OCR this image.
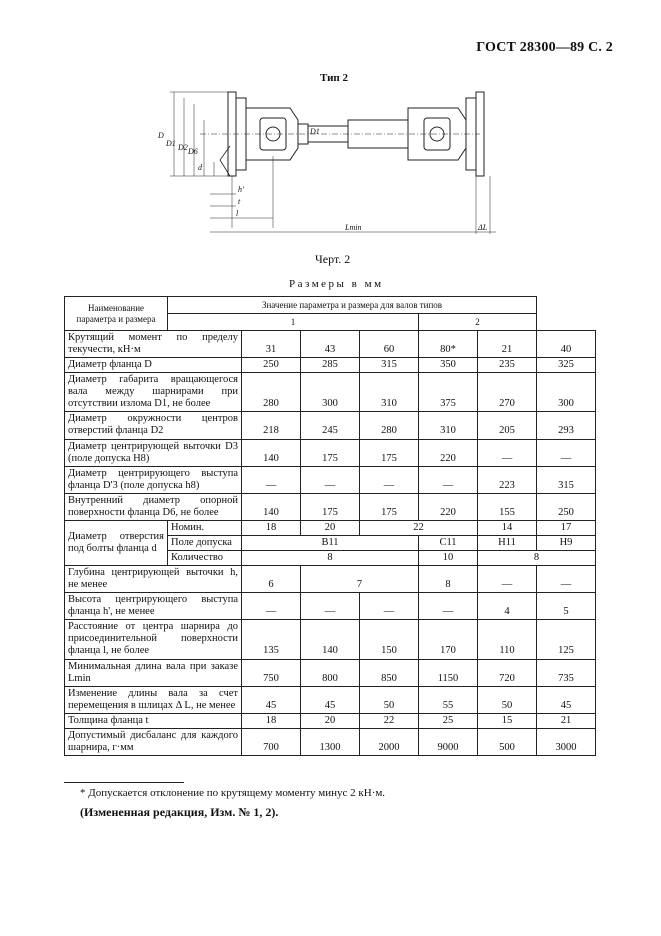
ГОСТ 28300—89 С. 2
Тип 2
D
D1 D2 D6
D1
d
h'
t
l
Lmin	ΔL
Черт. 2
Размеры в мм
Наименование параметра и размера	Значение параметра и размера для валов типов						
	1				2		
Крутящий момент по пределу текучести, кН·м		31	43	60	80*	21	40
Диаметр фланца D		250	285	315	350	235	325
Диаметр габарита вращающегося вала между шарнирами при отсутствии излома D1, не более		280	300	310	375	270	300
Диаметр окружности центров отверстий фланца D2		218	245	280	310	205	293
Диаметр центрирующей выточки D3 (поле допуска Н8)		140	175	175	220	—	—
Диаметр центрирующего выступа фланца D'3 (поле допуска h8)		—	—	—	—	223	315
Внутренний диаметр опорной поверхности фланца D6, не более		140	175	175	220	155	250
Диаметр отверстия под болты фланца d	Номин.	18	20	22		14	17
	Поле допуска	B11			C11	H11	H9
	Количество	8			10	8	
Глубина центрирующей выточки h, не менее		6	7		8	—	—
Высота центрирующего выступа фланца h', не менее		—	—	—	—	4	5
Расстояние от центра шарнира до присоединительной поверхности фланца l, не более		135	140	150	170	110	125
Минимальная длина вала при заказе Lmin		750	800	850	1150	720	735
Изменение длины вала за счет перемещения в шлицах Δ L, не менее		45	45	50	55	50	45
Толщина фланца t		18	20	22	25	15	21
Допустимый дисбаланс для каждого шарнира, г·мм		700	1300	2000	9000	500	3000
* Допускается отклонение по крутящему моменту минус 2 кН·м.
(Измененная редакция, Изм. № 1, 2).
